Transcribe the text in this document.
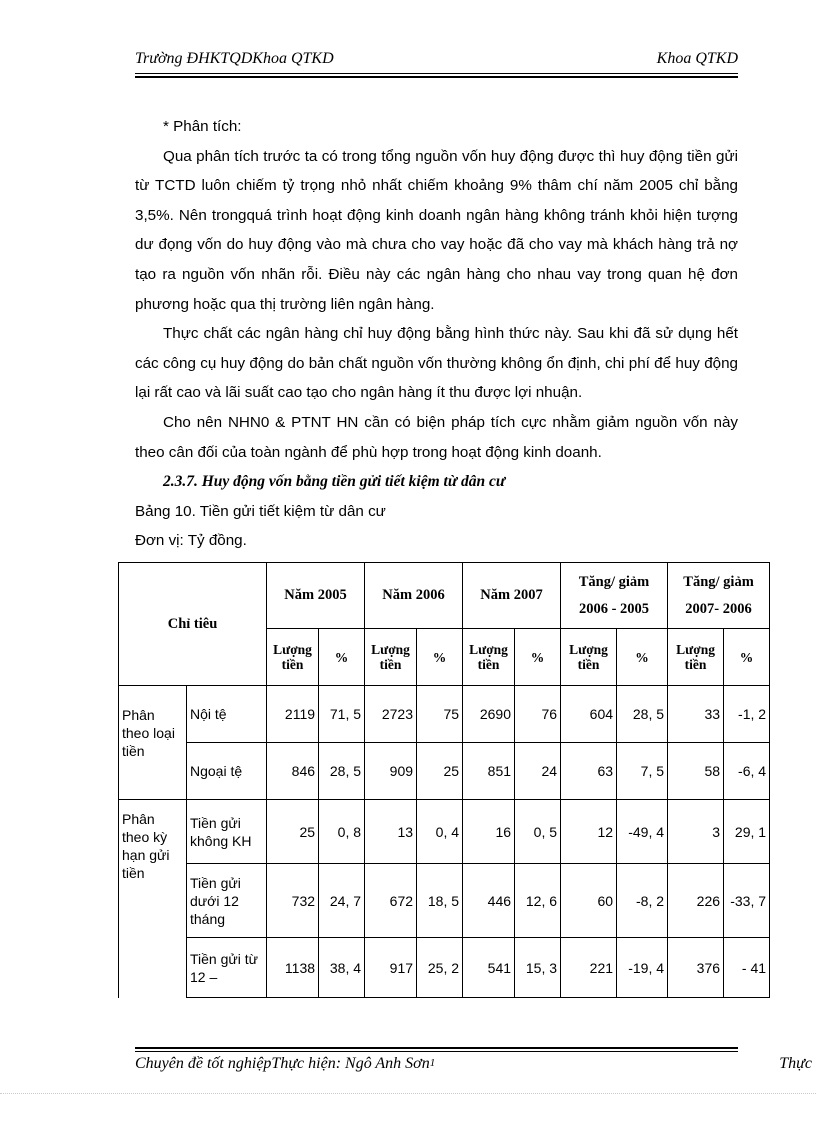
Trường ĐHKTQDKhoa QTKD	Khoa QTKD

* Phân tích:

Qua phân tích trước ta có trong tổng nguồn vốn huy động được thì huy động tiền gửi từ TCTD luôn chiếm tỷ trọng nhỏ nhất chiếm khoảng 9% thâm chí năm 2005 chỉ bằng 3,5%. Nên trongquá trình hoạt động kinh doanh ngân hàng không tránh khỏi hiện tượng dư đọng vốn do huy động vào mà chưa cho vay hoặc đã cho vay mà khách hàng trả nợ tạo ra nguồn vốn nhãn rỗi. Điều này các ngân hàng cho nhau vay trong quan hệ đơn phương hoặc qua thị trường liên ngân hàng.

Thực chất các ngân hàng chỉ huy động bằng hình thức này. Sau khi đã sử dụng hết các công cụ huy động do bản chất nguồn vốn thường không ổn định, chi phí để huy động lại rất cao và lãi suất cao tạo cho ngân hàng ít thu được lợi nhuận.

Cho nên NHN0 & PTNT HN cần có biện pháp tích cực nhằm giảm nguồn vốn này theo cân đối của toàn ngành để phù hợp trong hoạt động kinh doanh.

2.3.7. Huy động vốn bằng tiền gửi tiết kiệm từ dân cư

Bảng 10. Tiền gửi tiết kiệm từ dân cư

Đơn vị: Tỷ đồng.

Chỉ tiêu		Năm 2005		Năm 2006		Năm 2007		Tăng/ giảm 2006 - 2005		Tăng/ giảm 2007- 2006	
		Lượng tiền	%	Lượng tiền	%	Lượng tiền	%	Lượng tiền	%	Lượng tiền	%
Phân theo loại tiền	Nội tệ	2119	71, 5	2723	75	2690	76	604	28, 5	33	-1, 2
	Ngoại tệ	846	28, 5	909	25	851	24	63	7, 5	58	-6, 4
Phân theo kỳ hạn gửi tiền	Tiền gửi không KH	25	0, 8	13	0, 4	16	0, 5	12	-49, 4	3	29, 1
	Tiền gửi dưới 12 tháng	732	24, 7	672	18, 5	446	12, 6	60	-8, 2	226	-33, 7
	Tiền gửi từ 12 –	1138	38, 4	917	25, 2	541	15, 3	221	-19, 4	376	- 41
Chuyên đề tốt nghiệpThực hiện: Ngô Anh Sơn1	Thực
